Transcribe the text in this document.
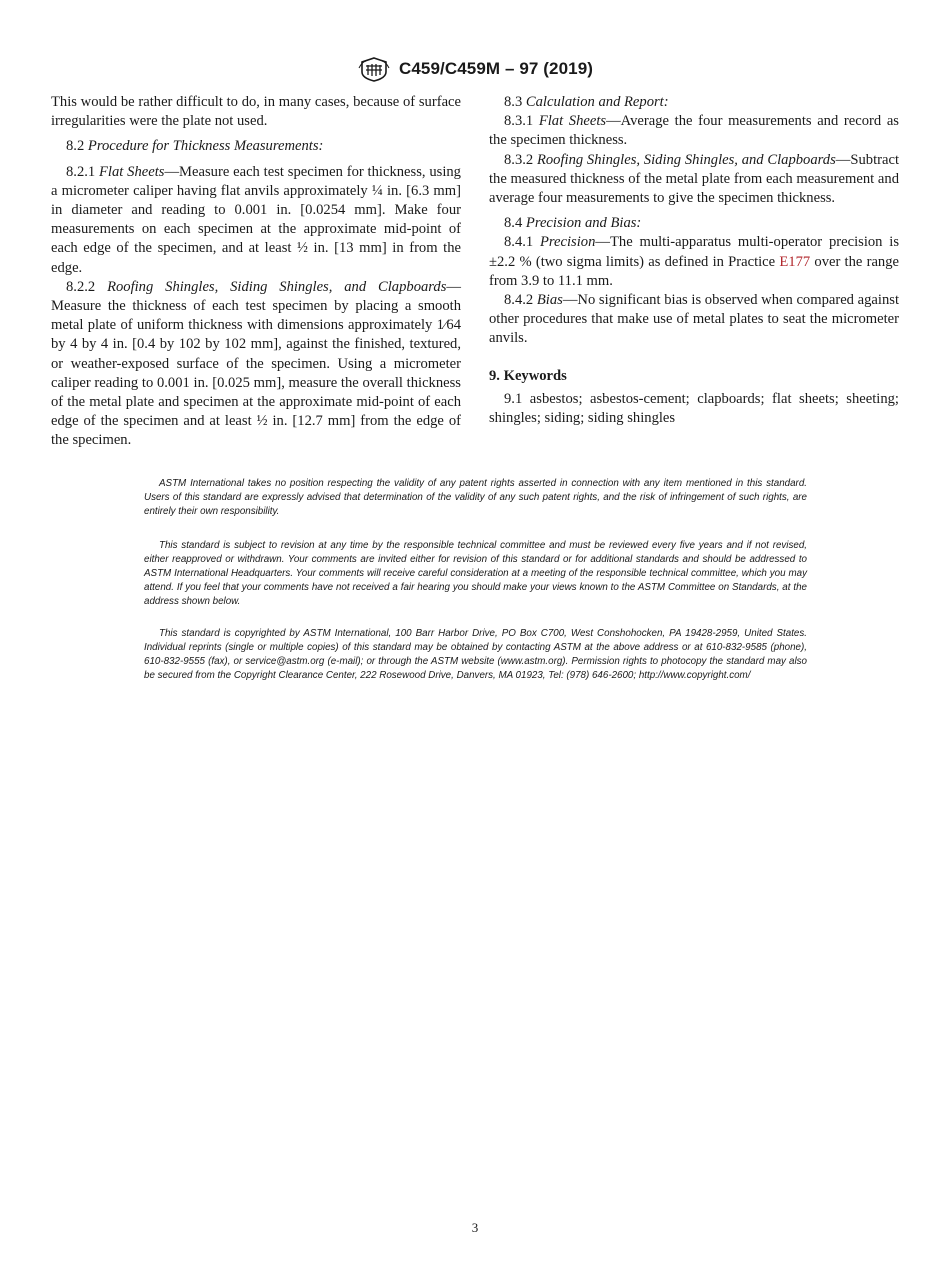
C459/C459M – 97 (2019)

This would be rather difficult to do, in many cases, because of surface irregularities were the plate not used.

8.2 Procedure for Thickness Measurements:

8.2.1 Flat Sheets—Measure each test specimen for thickness, using a micrometer caliper having flat anvils approximately ¼ in. [6.3 mm] in diameter and reading to 0.001 in. [0.0254 mm]. Make four measurements on each specimen at the approximate mid-point of each edge of the specimen, and at least ½ in. [13 mm] in from the edge.

8.2.2 Roofing Shingles, Siding Shingles, and Clapboards—Measure the thickness of each test specimen by placing a smooth metal plate of uniform thickness with dimensions approximately 1⁄64 by 4 by 4 in. [0.4 by 102 by 102 mm], against the finished, textured, or weather-exposed surface of the specimen. Using a micrometer caliper reading to 0.001 in. [0.025 mm], measure the overall thickness of the metal plate and specimen at the approximate mid-point of each edge of the specimen and at least ½ in. [12.7 mm] from the edge of the specimen.

8.3 Calculation and Report:

8.3.1 Flat Sheets—Average the four measurements and record as the specimen thickness.

8.3.2 Roofing Shingles, Siding Shingles, and Clapboards—Subtract the measured thickness of the metal plate from each measurement and average four measurements to give the specimen thickness.

8.4 Precision and Bias:

8.4.1 Precision—The multi-apparatus multi-operator precision is ±2.2 % (two sigma limits) as defined in Practice E177 over the range from 3.9 to 11.1 mm.

8.4.2 Bias—No significant bias is observed when compared against other procedures that make use of metal plates to seat the micrometer anvils.

9. Keywords

9.1 asbestos; asbestos-cement; clapboards; flat sheets; sheeting; shingles; siding; siding shingles

ASTM International takes no position respecting the validity of any patent rights asserted in connection with any item mentioned in this standard. Users of this standard are expressly advised that determination of the validity of any such patent rights, and the risk of infringement of such rights, are entirely their own responsibility.

This standard is subject to revision at any time by the responsible technical committee and must be reviewed every five years and if not revised, either reapproved or withdrawn. Your comments are invited either for revision of this standard or for additional standards and should be addressed to ASTM International Headquarters. Your comments will receive careful consideration at a meeting of the responsible technical committee, which you may attend. If you feel that your comments have not received a fair hearing you should make your views known to the ASTM Committee on Standards, at the address shown below.

This standard is copyrighted by ASTM International, 100 Barr Harbor Drive, PO Box C700, West Conshohocken, PA 19428-2959, United States. Individual reprints (single or multiple copies) of this standard may be obtained by contacting ASTM at the above address or at 610-832-9585 (phone), 610-832-9555 (fax), or service@astm.org (e-mail); or through the ASTM website (www.astm.org). Permission rights to photocopy the standard may also be secured from the Copyright Clearance Center, 222 Rosewood Drive, Danvers, MA 01923, Tel: (978) 646-2600; http://www.copyright.com/

3
